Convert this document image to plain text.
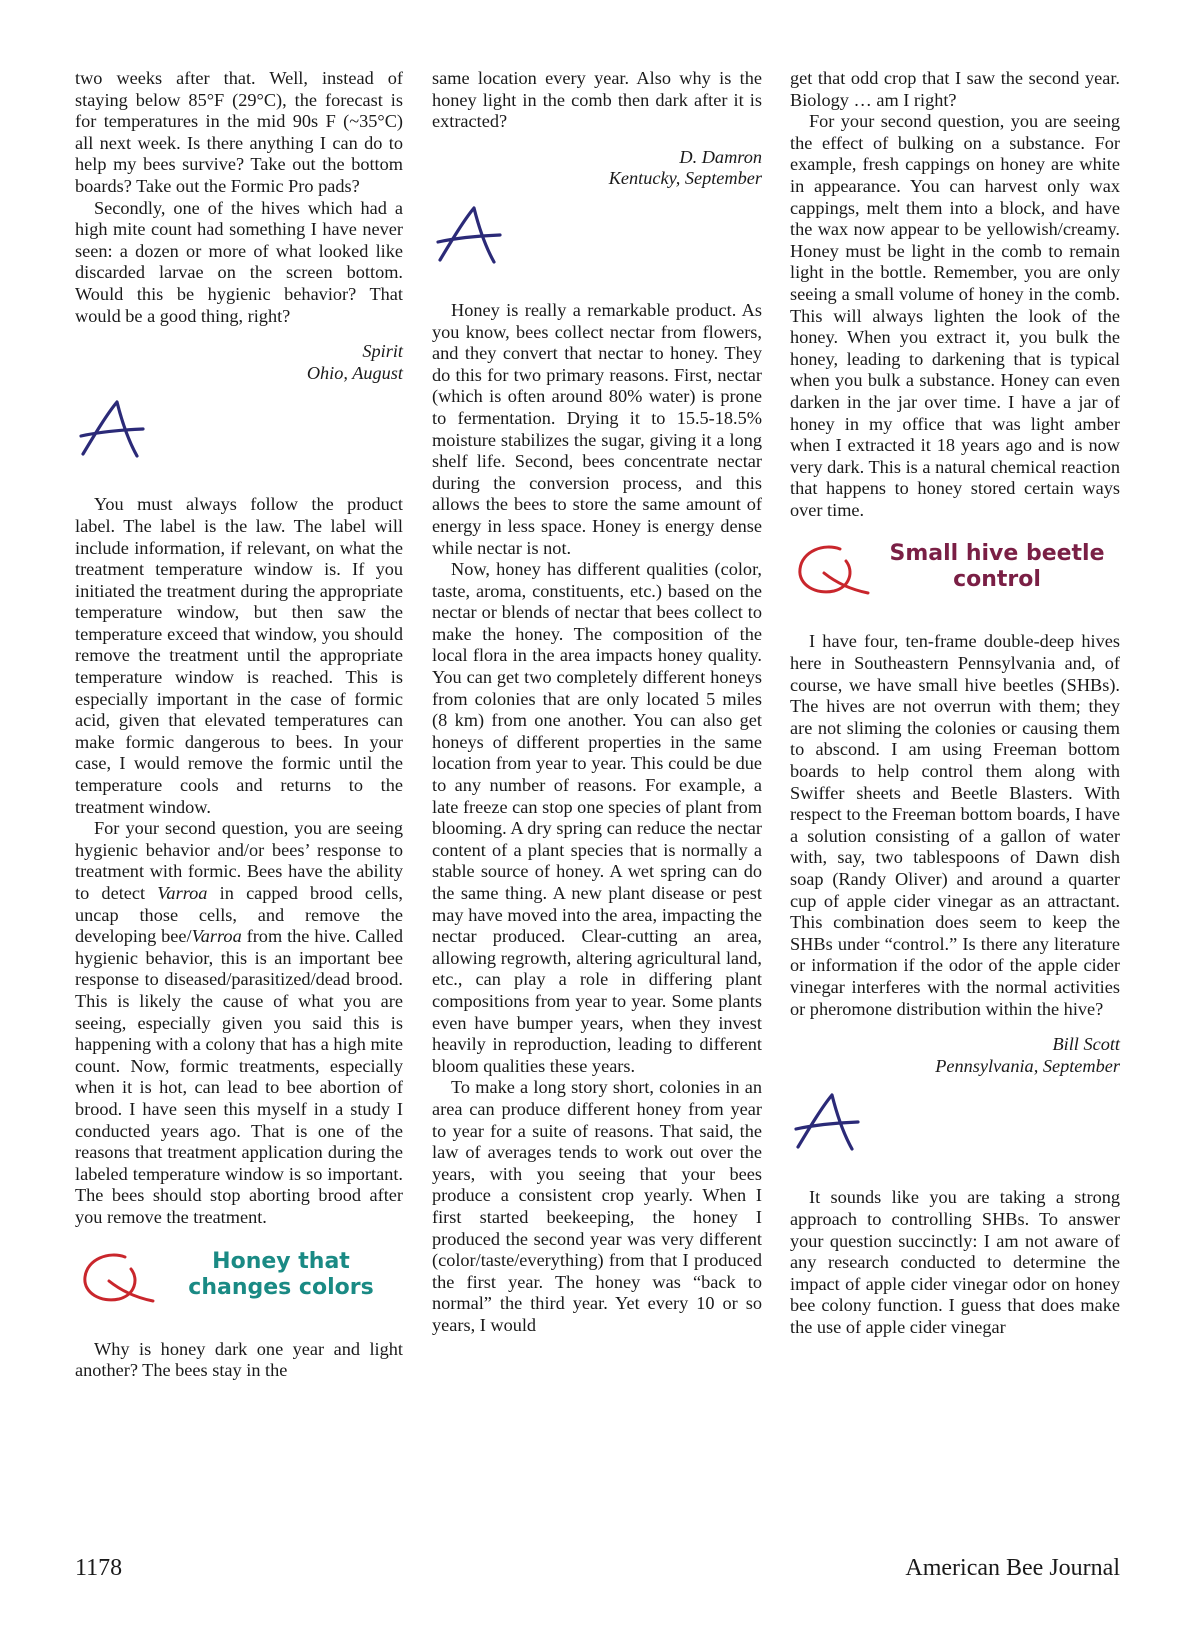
two weeks after that. Well, instead of staying below 85°F (29°C), the forecast is for temperatures in the mid 90s F (~35°C) all next week. Is there anything I can do to help my bees survive? Take out the bottom boards? Take out the Formic Pro pads?

Secondly, one of the hives which had a high mite count had something I have never seen: a dozen or more of what looked like discarded larvae on the screen bottom. Would this be hygienic behavior? That would be a good thing, right?

Spirit
Ohio, August

You must always follow the product label. The label is the law. The label will include information, if relevant, on what the treatment temperature window is. If you initiated the treatment during the appropriate temperature window, but then saw the temperature exceed that window, you should remove the treatment until the appropriate temperature window is reached. This is especially important in the case of formic acid, given that elevated temperatures can make formic dangerous to bees. In your case, I would remove the formic until the temperature cools and returns to the treatment window.

For your second question, you are seeing hygienic behavior and/or bees’ response to treatment with formic. Bees have the ability to detect Varroa in capped brood cells, uncap those cells, and remove the developing bee/Varroa from the hive. Called hygienic behavior, this is an important bee response to diseased/parasitized/dead brood. This is likely the cause of what you are seeing, especially given you said this is happening with a colony that has a high mite count. Now, formic treatments, especially when it is hot, can lead to bee abortion of brood. I have seen this myself in a study I conducted years ago. That is one of the reasons that treatment application during the labeled temperature window is so important. The bees should stop aborting brood after you remove the treatment.

Honey that
changes colors

Why is honey dark one year and light another? The bees stay in the

same location every year. Also why is the honey light in the comb then dark after it is extracted?

D. Damron
Kentucky, September

Honey is really a remarkable product. As you know, bees collect nectar from flowers, and they convert that nectar to honey. They do this for two primary reasons. First, nectar (which is often around 80% water) is prone to fermentation. Drying it to 15.5-18.5% moisture stabilizes the sugar, giving it a long shelf life. Second, bees concentrate nectar during the conversion process, and this allows the bees to store the same amount of energy in less space. Honey is energy dense while nectar is not.

Now, honey has different qualities (color, taste, aroma, constituents, etc.) based on the nectar or blends of nectar that bees collect to make the honey. The composition of the local flora in the area impacts honey quality. You can get two completely different honeys from colonies that are only located 5 miles (8 km) from one another. You can also get honeys of different properties in the same location from year to year. This could be due to any number of reasons. For example, a late freeze can stop one species of plant from blooming. A dry spring can reduce the nectar content of a plant species that is normally a stable source of honey. A wet spring can do the same thing. A new plant disease or pest may have moved into the area, impacting the nectar produced. Clear-cutting an area, allowing regrowth, altering agricultural land, etc., can play a role in differing plant compositions from year to year. Some plants even have bumper years, when they invest heavily in reproduction, leading to different bloom qualities these years.

To make a long story short, colonies in an area can produce different honey from year to year for a suite of reasons. That said, the law of averages tends to work out over the years, with you seeing that your bees produce a consistent crop yearly. When I first started beekeeping, the honey I produced the second year was very different (color/taste/everything) from that I produced the first year. The honey was “back to normal” the third year. Yet every 10 or so years, I would

get that odd crop that I saw the second year. Biology … am I right?

For your second question, you are seeing the effect of bulking on a substance. For example, fresh cappings on honey are white in appearance. You can harvest only wax cappings, melt them into a block, and have the wax now appear to be yellowish/creamy. Honey must be light in the comb to remain light in the bottle. Remember, you are only seeing a small volume of honey in the comb. This will always lighten the look of the honey. When you extract it, you bulk the honey, leading to darkening that is typical when you bulk a substance. Honey can even darken in the jar over time. I have a jar of honey in my office that was light amber when I extracted it 18 years ago and is now very dark. This is a natural chemical reaction that happens to honey stored certain ways over time.

Small hive beetle
control

I have four, ten-frame double-deep hives here in Southeastern Pennsylvania and, of course, we have small hive beetles (SHBs). The hives are not overrun with them; they are not sliming the colonies or causing them to abscond. I am using Freeman bottom boards to help control them along with Swiffer sheets and Beetle Blasters. With respect to the Freeman bottom boards, I have a solution consisting of a gallon of water with, say, two tablespoons of Dawn dish soap (Randy Oliver) and around a quarter cup of apple cider vinegar as an attractant. This combination does seem to keep the SHBs under “control.” Is there any literature or information if the odor of the apple cider vinegar interferes with the normal activities or pheromone distribution within the hive?

Bill Scott
Pennsylvania, September

It sounds like you are taking a strong approach to controlling SHBs. To answer your question succinctly: I am not aware of any research conducted to determine the impact of apple cider vinegar odor on honey bee colony function. I guess that does make the use of apple cider vinegar

1178	American Bee Journal
